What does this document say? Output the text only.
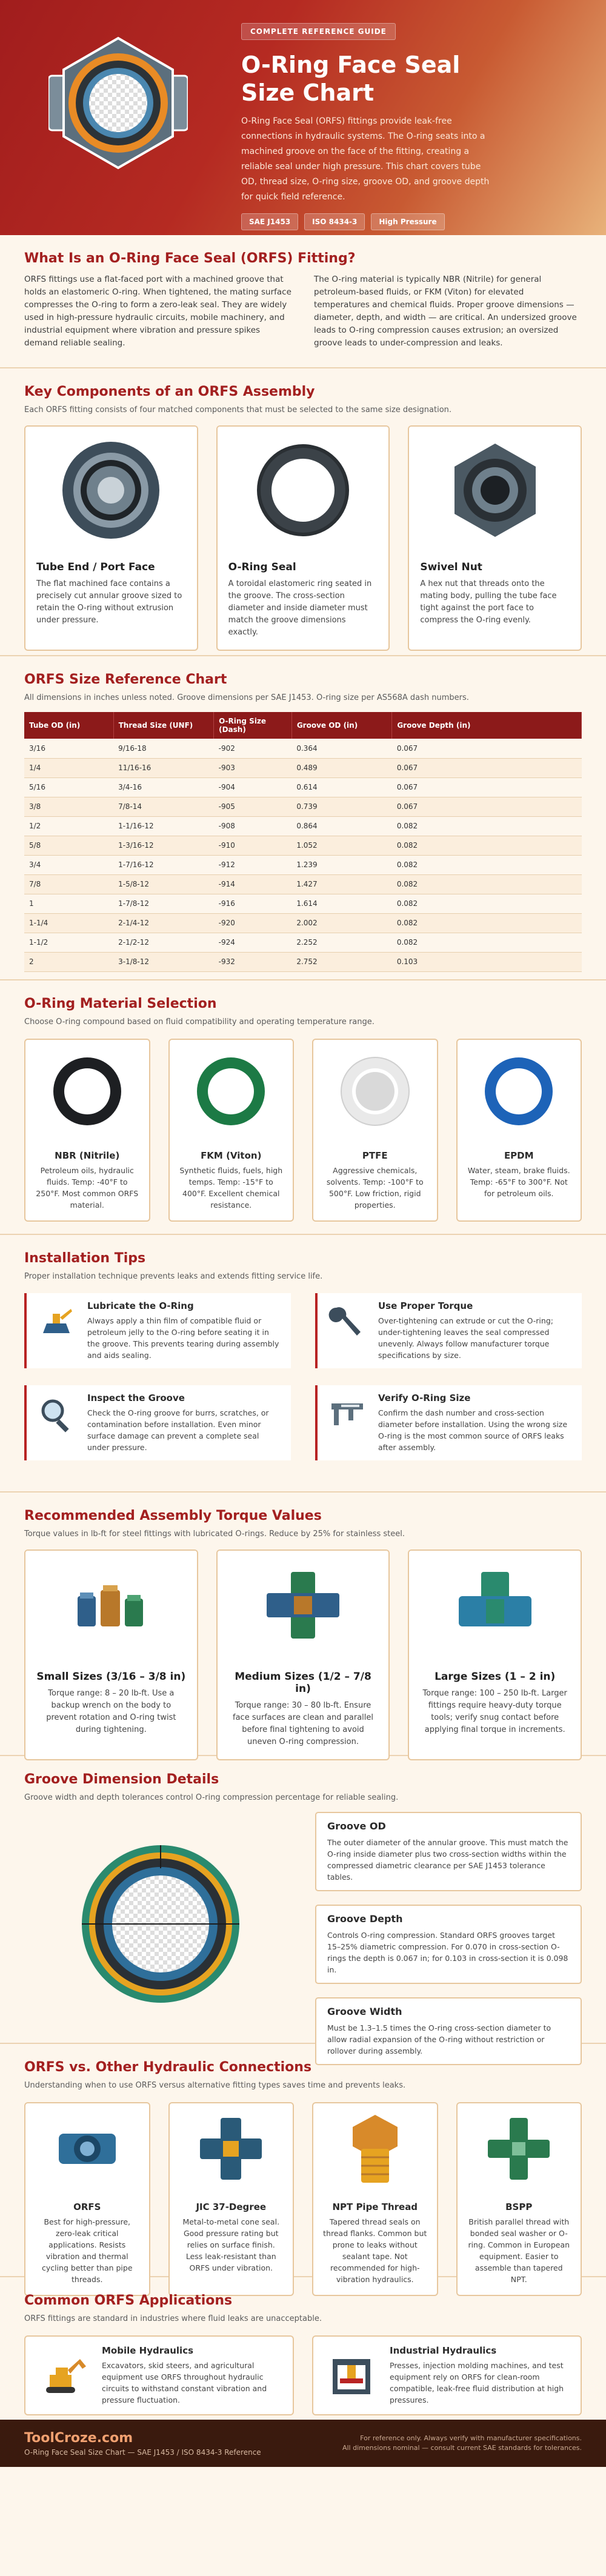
COMPLETE REFERENCE GUIDE
O-Ring Face Seal Size Chart

O-Ring Face Seal (ORFS) fittings provide leak-free connections in hydraulic systems. The O-ring seats into a machined groove on the face of the fitting, creating a reliable seal under high pressure. This chart covers tube OD, thread size, O-ring size, groove OD, and groove depth for quick field reference.

SAE J1453	ISO 8434-3	High Pressure
What Is an O-Ring Face Seal (ORFS) Fitting?

ORFS fittings use a flat-faced port with a machined groove that holds an elastomeric O-ring. When tightened, the mating surface compresses the O-ring to form a zero-leak seal. They are widely used in high-pressure hydraulic circuits, mobile machinery, and industrial equipment where vibration and pressure spikes demand reliable sealing.

The O-ring material is typically NBR (Nitrile) for general petroleum-based fluids, or FKM (Viton) for elevated temperatures and chemical fluids. Proper groove dimensions — diameter, depth, and width — are critical. An undersized groove leads to O-ring compression causes extrusion; an oversized groove leads to under-compression and leaks.

Key Components of an ORFS Assembly

Each ORFS fitting consists of four matched components that must be selected to the same size designation.

Tube End / Port Face

The flat machined face contains a precisely cut annular groove sized to retain the O-ring without extrusion under pressure.

O-Ring Seal

A toroidal elastomeric ring seated in the groove. The cross-section diameter and inside diameter must match the groove dimensions exactly.

Swivel Nut

A hex nut that threads onto the mating body, pulling the tube face tight against the port face to compress the O-ring evenly.

ORFS Size Reference Chart

All dimensions in inches unless noted. Groove dimensions per SAE J1453. O-ring size per AS568A dash numbers.

Tube OD (in)	Thread Size (UNF)	O-Ring Size (Dash)	Groove OD (in)	Groove Depth (in)
3/16	9/16-18	-902	0.364	0.067
1/4	11/16-16	-903	0.489	0.067
5/16	3/4-16	-904	0.614	0.067
3/8	7/8-14	-905	0.739	0.067
1/2	1-1/16-12	-908	0.864	0.082
5/8	1-3/16-12	-910	1.052	0.082
3/4	1-7/16-12	-912	1.239	0.082
7/8	1-5/8-12	-914	1.427	0.082
1	1-7/8-12	-916	1.614	0.082
1-1/4	2-1/4-12	-920	2.002	0.082
1-1/2	2-1/2-12	-924	2.252	0.082
2	3-1/8-12	-932	2.752	0.103
O-Ring Material Selection

Choose O-ring compound based on fluid compatibility and operating temperature range.

NBR (Nitrile)

Petroleum oils, hydraulic fluids. Temp: -40°F to 250°F. Most common ORFS material.

FKM (Viton)

Synthetic fluids, fuels, high temps. Temp: -15°F to 400°F. Excellent chemical resistance.

PTFE

Aggressive chemicals, solvents. Temp: -100°F to 500°F. Low friction, rigid properties.

EPDM

Water, steam, brake fluids. Temp: -65°F to 300°F. Not for petroleum oils.

Installation Tips

Proper installation technique prevents leaks and extends fitting service life.

Lubricate the O-Ring

Always apply a thin film of compatible fluid or petroleum jelly to the O-ring before seating it in the groove. This prevents tearing during assembly and aids sealing.

Use Proper Torque

Over-tightening can extrude or cut the O-ring; under-tightening leaves the seal compressed unevenly. Always follow manufacturer torque specifications by size.

Inspect the Groove

Check the O-ring groove for burrs, scratches, or contamination before installation. Even minor surface damage can prevent a complete seal under pressure.

Verify O-Ring Size

Confirm the dash number and cross-section diameter before installation. Using the wrong size O-ring is the most common source of ORFS leaks after assembly.

Recommended Assembly Torque Values

Torque values in lb-ft for steel fittings with lubricated O-rings. Reduce by 25% for stainless steel.

Small Sizes (3/16 – 3/8 in)

Torque range: 8 – 20 lb-ft. Use a backup wrench on the body to prevent rotation and O-ring twist during tightening.

Medium Sizes (1/2 – 7/8 in)

Torque range: 30 – 80 lb-ft. Ensure face surfaces are clean and parallel before final tightening to avoid uneven O-ring compression.

Large Sizes (1 – 2 in)

Torque range: 100 – 250 lb-ft. Larger fittings require heavy-duty torque tools; verify snug contact before applying final torque in increments.

Groove Dimension Details

Groove width and depth tolerances control O-ring compression percentage for reliable sealing.

Groove OD

The outer diameter of the annular groove. This must match the O-ring inside diameter plus two cross-section widths within the compressed diametric clearance per SAE J1453 tolerance tables.

Groove Depth

Controls O-ring compression. Standard ORFS grooves target 15–25% diametric compression. For 0.070 in cross-section O-rings the depth is 0.067 in; for 0.103 in cross-section it is 0.098 in.

Groove Width

Must be 1.3–1.5 times the O-ring cross-section diameter to allow radial expansion of the O-ring without restriction or rollover during assembly.

ORFS vs. Other Hydraulic Connections

Understanding when to use ORFS versus alternative fitting types saves time and prevents leaks.

ORFS

Best for high-pressure, zero-leak critical applications. Resists vibration and thermal cycling better than pipe threads.

JIC 37-Degree

Metal-to-metal cone seal. Good pressure rating but relies on surface finish. Less leak-resistant than ORFS under vibration.

NPT Pipe Thread

Tapered thread seals on thread flanks. Common but prone to leaks without sealant tape. Not recommended for high-vibration hydraulics.

BSPP

British parallel thread with bonded seal washer or O-ring. Common in European equipment. Easier to assemble than tapered NPT.

Common ORFS Applications

ORFS fittings are standard in industries where fluid leaks are unacceptable.

Mobile Hydraulics

Excavators, skid steers, and agricultural equipment use ORFS throughout hydraulic circuits to withstand constant vibration and pressure fluctuation.

Industrial Hydraulics

Presses, injection molding machines, and test equipment rely on ORFS for clean-room compatible, leak-free fluid distribution at high pressures.

ToolCroze.com
O-Ring Face Seal Size Chart — SAE J1453 / ISO 8434-3 Reference
For reference only. Always verify with manufacturer specifications.
All dimensions nominal — consult current SAE standards for tolerances.
